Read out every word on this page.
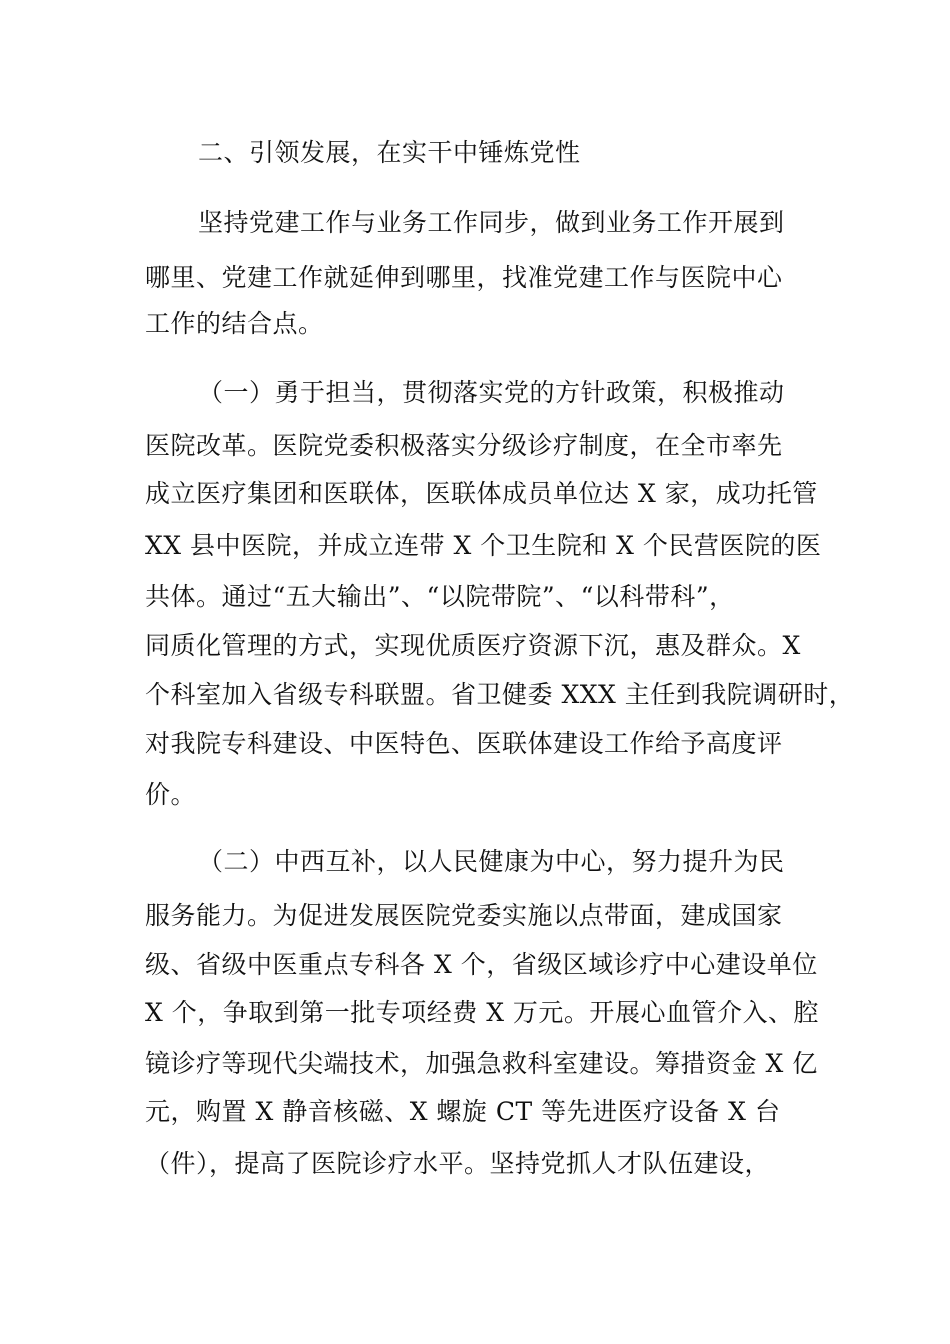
二、引领发展，在实干中锤炼党性
坚持党建工作与业务工作同步，做到业务工作开展到
哪里、党建工作就延伸到哪里，找准党建工作与医院中心
工作的结合点。
（一）勇于担当，贯彻落实党的方针政策，积极推动
医院改革。医院党委积极落实分级诊疗制度，在全市率先
成立医疗集团和医联体，医联体成员单位达 X 家，成功托管
XX 县中医院，并成立连带 X 个卫生院和 X 个民营医院的医
共体。通过“五大输出”、“以院带院”、“以科带科”，
同质化管理的方式，实现优质医疗资源下沉，惠及群众。X
个科室加入省级专科联盟。省卫健委 XXX 主任到我院调研时，
对我院专科建设、中医特色、医联体建设工作给予高度评
价。
（二）中西互补，以人民健康为中心，努力提升为民
服务能力。为促进发展医院党委实施以点带面，建成国家
级、省级中医重点专科各 X 个，省级区域诊疗中心建设单位
X 个，争取到第一批专项经费 X 万元。开展心血管介入、腔
镜诊疗等现代尖端技术，加强急救科室建设。筹措资金 X 亿
元，购置 X 静音核磁、X 螺旋 CT 等先进医疗设备 X 台
（件），提高了医院诊疗水平。坚持党抓人才队伍建设，
